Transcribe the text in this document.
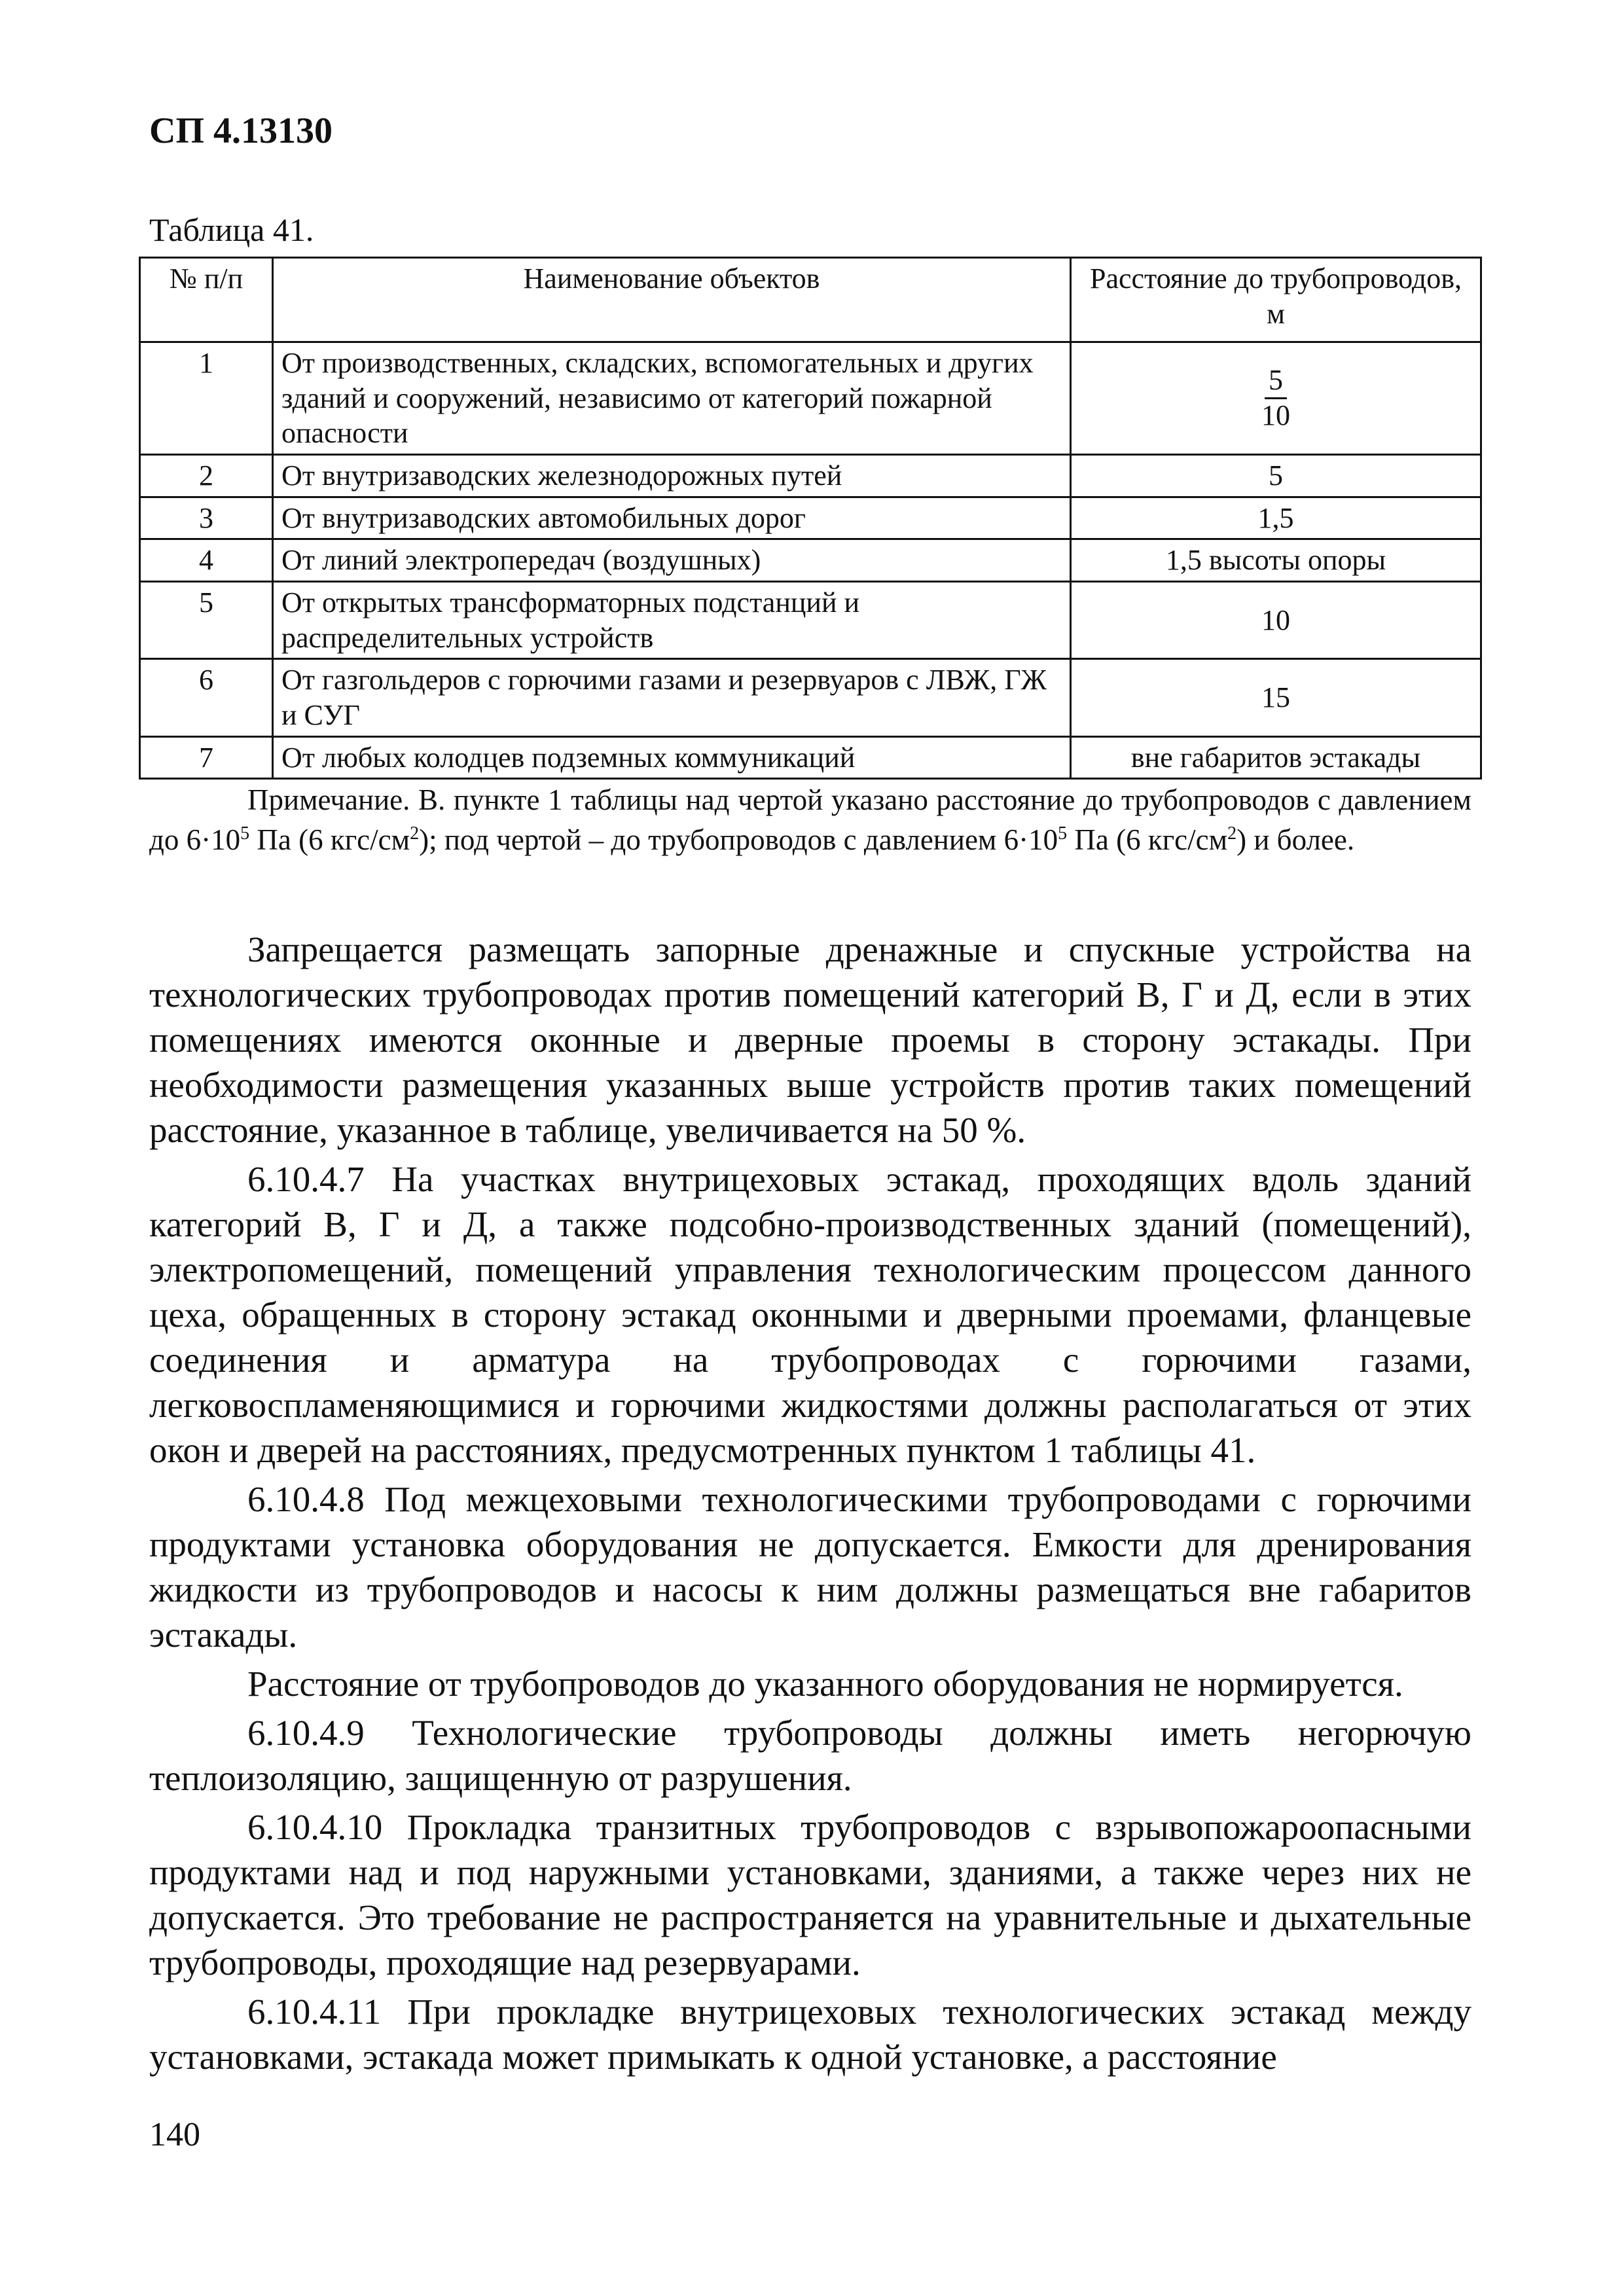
СП 4.13130
Таблица 41.
№ п/п	Наименование объектов	Расстояние до трубопроводов, м
1	От производственных, складских, вспомогательных и других зданий и сооружений, независимо от категорий пожарной опасности	$\frac{5}{10}$

2	От внутризаводских железнодорожных путей	5
3	От внутризаводских автомобильных дорог	1,5
4	От линий электропередач (воздушных)	1,5 высоты опоры
5	От открытых трансформаторных подстанций и распределительных устройств	10
6	От газгольдеров с горючими газами и резервуаров с ЛВЖ, ГЖ и СУГ	15
7	От любых колодцев подземных коммуникаций	вне габаритов эстакады
Примечание. В. пункте 1 таблицы над чертой указано расстояние до трубопроводов с давлением до $6\cdot 10^5$ Па (6 кгс/$см^2$); под чертой – до трубопроводов с давлением $6\cdot 10^5$ Па (6 кгс/$см^2$) и более.

Запрещается размещать запорные дренажные и спускные устройства на технологических трубопроводах против помещений категорий В, Г и Д, если в этих помещениях имеются оконные и дверные проемы в сторону эстакады. При необходимости размещения указанных выше устройств против таких помещений расстояние, указанное в таблице, увеличивается на 50 %.

6.10.4.7 На участках внутрицеховых эстакад, проходящих вдоль зданий категорий В, Г и Д, а также подсобно-производственных зданий (помещений), электропомещений, помещений управления технологическим процессом данного цеха, обращенных в сторону эстакад оконными и дверными проемами, фланцевые соединения и арматура на трубопроводах с горючими газами, легковоспламеняющимися и горючими жидкостями должны располагаться от этих окон и дверей на расстояниях, предусмотренных пунктом 1 таблицы 41.

6.10.4.8 Под межцеховыми технологическими трубопроводами с горючими продуктами установка оборудования не допускается. Емкости для дренирования жидкости из трубопроводов и насосы к ним должны размещаться вне габаритов эстакады.

Расстояние от трубопроводов до указанного оборудования не нормируется.

6.10.4.9 Технологические трубопроводы должны иметь негорючую теплоизоляцию, защищенную от разрушения.

6.10.4.10 Прокладка транзитных трубопроводов с взрывопожароопасными продуктами над и под наружными установками, зданиями, а также через них не допускается. Это требование не распространяется на уравнительные и дыхательные трубопроводы, проходящие над резервуарами.

6.10.4.11 При прокладке внутрицеховых технологических эстакад между установками, эстакада может примыкать к одной установке, а расстояние

140
